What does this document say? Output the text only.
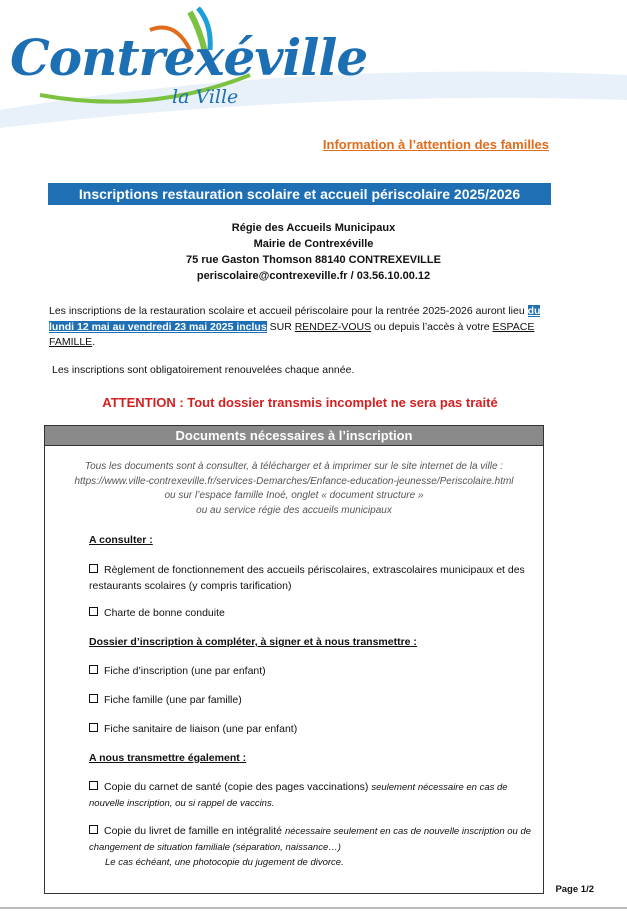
Contrexéville
la Ville
Information à l’attention des familles
Inscriptions restauration scolaire et accueil périscolaire 2025/2026
Régie des Accueils Municipaux
Mairie de Contrexéville
75 rue Gaston Thomson 88140 CONTREXEVILLE
periscolaire@contrexeville.fr / 03.56.10.00.12
Les inscriptions de la restauration scolaire et accueil périscolaire pour la rentrée 2025-2026 auront lieu du lundi 12 mai au vendredi 23 mai 2025 inclus SUR RENDEZ-VOUS ou depuis l’accès à votre ESPACE FAMILLE.
Les inscriptions sont obligatoirement renouvelées chaque année.
ATTENTION : Tout dossier transmis incomplet ne sera pas traité
Documents nécessaires à l’inscription
Tous les documents sont à consulter, à télécharger et à imprimer sur le site internet de la ville :
https://www.ville-contrexeville.fr/services-Demarches/Enfance-education-jeunesse/Periscolaire.html
ou sur l’espace famille Inoé, onglet « document structure »
ou au service régie des accueils municipaux
A consulter :
Règlement de fonctionnement des accueils périscolaires, extrascolaires municipaux et des restaurants scolaires (y compris tarification)
Charte de bonne conduite
Dossier d’inscription à compléter, à signer et à nous transmettre :
Fiche d’inscription (une par enfant)
Fiche famille (une par famille)
Fiche sanitaire de liaison (une par enfant)
A nous transmettre également :
Copie du carnet de santé (copie des pages vaccinations) seulement nécessaire en cas de nouvelle inscription, ou si rappel de vaccins.
Copie du livret de famille en intégralité nécessaire seulement en cas de nouvelle inscription ou de changement de situation familiale (séparation, naissance…)
Le cas échéant, une photocopie du jugement de divorce.
Page 1/2
